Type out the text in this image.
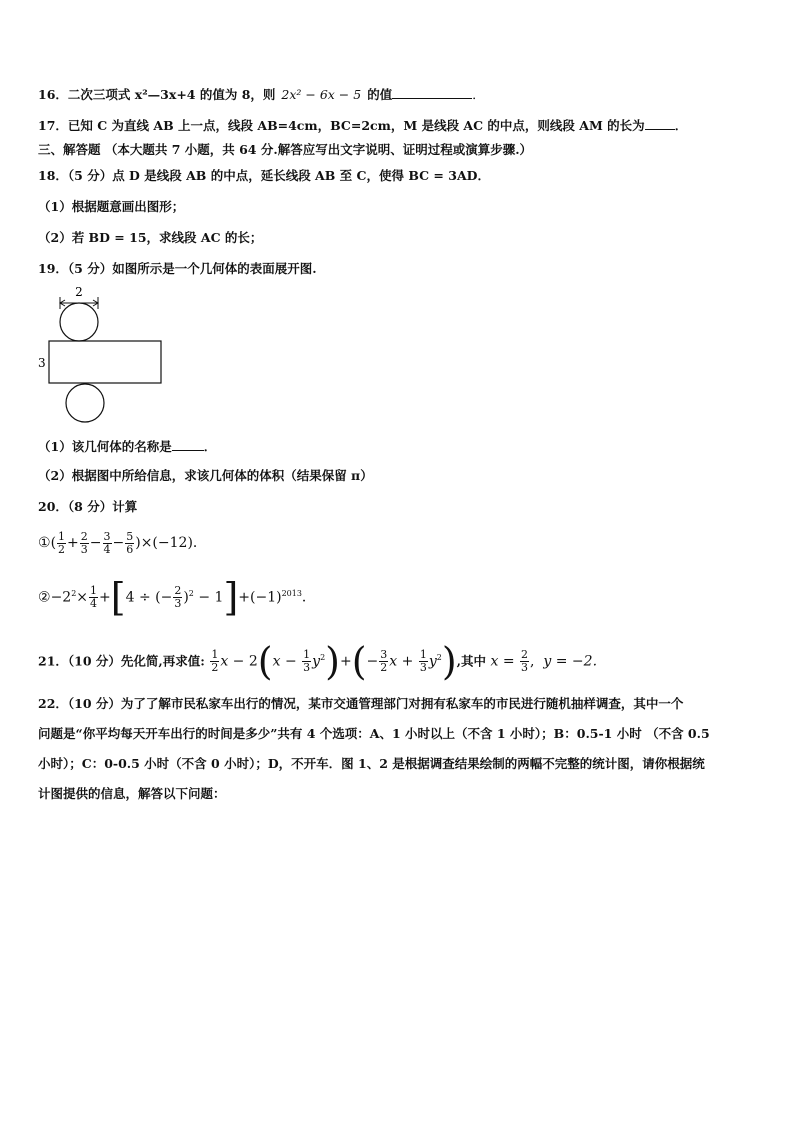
16．二次三项式 x²—3x+4 的值为 8，则 2x² − 6x − 5 的值	．
17．已知 C 为直线 AB 上一点，线段 AB=4cm，BC=2cm，M 是线段 AC 的中点，则线段 AM 的长为 ．
三、解答题 （本大题共 7 小题，共 64 分.解答应写出文字说明、证明过程或演算步骤.）
18．（5 分）点 D 是线段 AB 的中点，延长线段 AB 至 C，使得 BC = 3AD．
（1）根据题意画出图形；
（2）若 BD = 15，求线段 AC 的长；
19．（5 分）如图所示是一个几何体的表面展开图.
2
3
（1）该几何体的名称是	．
（2）根据图中所给信息，求该几何体的体积（结果保留 π）
20．（8 分）计算
①( $\frac{1}{2} + \frac{2}{3} - \frac{3}{4} - \frac{5}{6} )\times(-12)$．
$②-2^2\times \frac{1}{4} +[4$ ÷ (− $\frac{2}{3} )^2 - 1]+(-1)^{2013}$．
21．（10 分）先化简,再求值: $\frac{1}{2}$ $x - 2(x - \frac{1}{3} y^2)+(- \frac{3}{2}$ $x + \frac{1}{3} y^2$),其中 $x = \frac{2}{3}$ ,  y = −2.
22．（10 分）为了了解市民私家车出行的情况，某市交通管理部门对拥有私家车的市民进行随机抽样调查，其中一个
问题是“你平均每天开车出行的时间是多少”共有 4 个选项：A、1 小时以上（不含 1 小时）；B：0.5-1 小时 （不含 0.5
小时）；C：0-0.5 小时（不含 0 小时）；D，不开车．图 1、2 是根据调查结果绘制的两幅不完整的统计图，请你根据统
计图提供的信息，解答以下问题：
